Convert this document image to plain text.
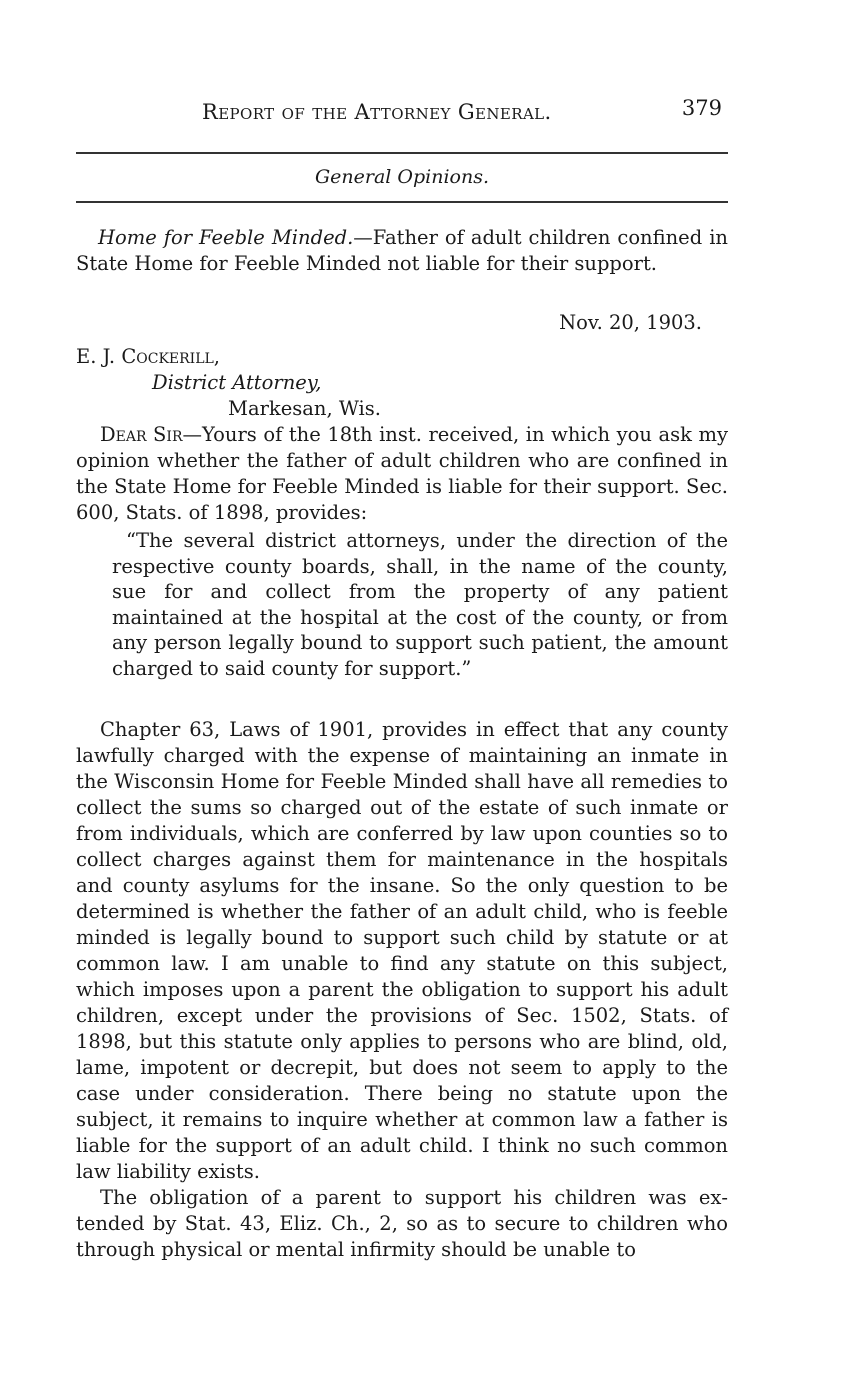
Report of the Attorney General.	379
General Opinions.

Home for Feeble Minded.—Father of adult children confined in State Home for Feeble Minded not liable for their support.

Nov. 20, 1903.
E. J. Cockerill,
District Attorney,
Markesan, Wis.

Dear Sir—Yours of the 18th inst. received, in which you ask my opinion whether the father of adult children who are confined in the State Home for Feeble Minded is liable for their support. Sec. 600, Stats. of 1898, provides:

“The several district attorneys, under the direction of the respective county boards, shall, in the name of the county, sue for and collect from the property of any patient maintained at the hospital at the cost of the county, or from any person legally bound to support such patient, the amount charged to said county for support.”

Chapter 63, Laws of 1901, provides in effect that any county lawfully charged with the expense of maintaining an inmate in the Wisconsin Home for Feeble Minded shall have all remedies to collect the sums so charged out of the estate of such inmate or from individuals, which are conferred by law upon counties so to collect charges against them for maintenance in the hospitals and county asylums for the insane. So the only question to be determined is whether the father of an adult child, who is feeble minded is legally bound to support such child by statute or at common law. I am unable to find any statute on this subject, which imposes upon a parent the obligation to support his adult children, except under the provisions of Sec. 1502, Stats. of 1898, but this statute only applies to persons who are blind, old, lame, impotent or decrepit, but does not seem to apply to the case under consideration. There being no statute upon the subject, it remains to inquire whether at common law a father is liable for the support of an adult child. I think no such common law liability exists.

The obligation of a parent to support his children was extended by Stat. 43, Eliz. Ch., 2, so as to secure to children who through physical or mental infirmity should be unable to
